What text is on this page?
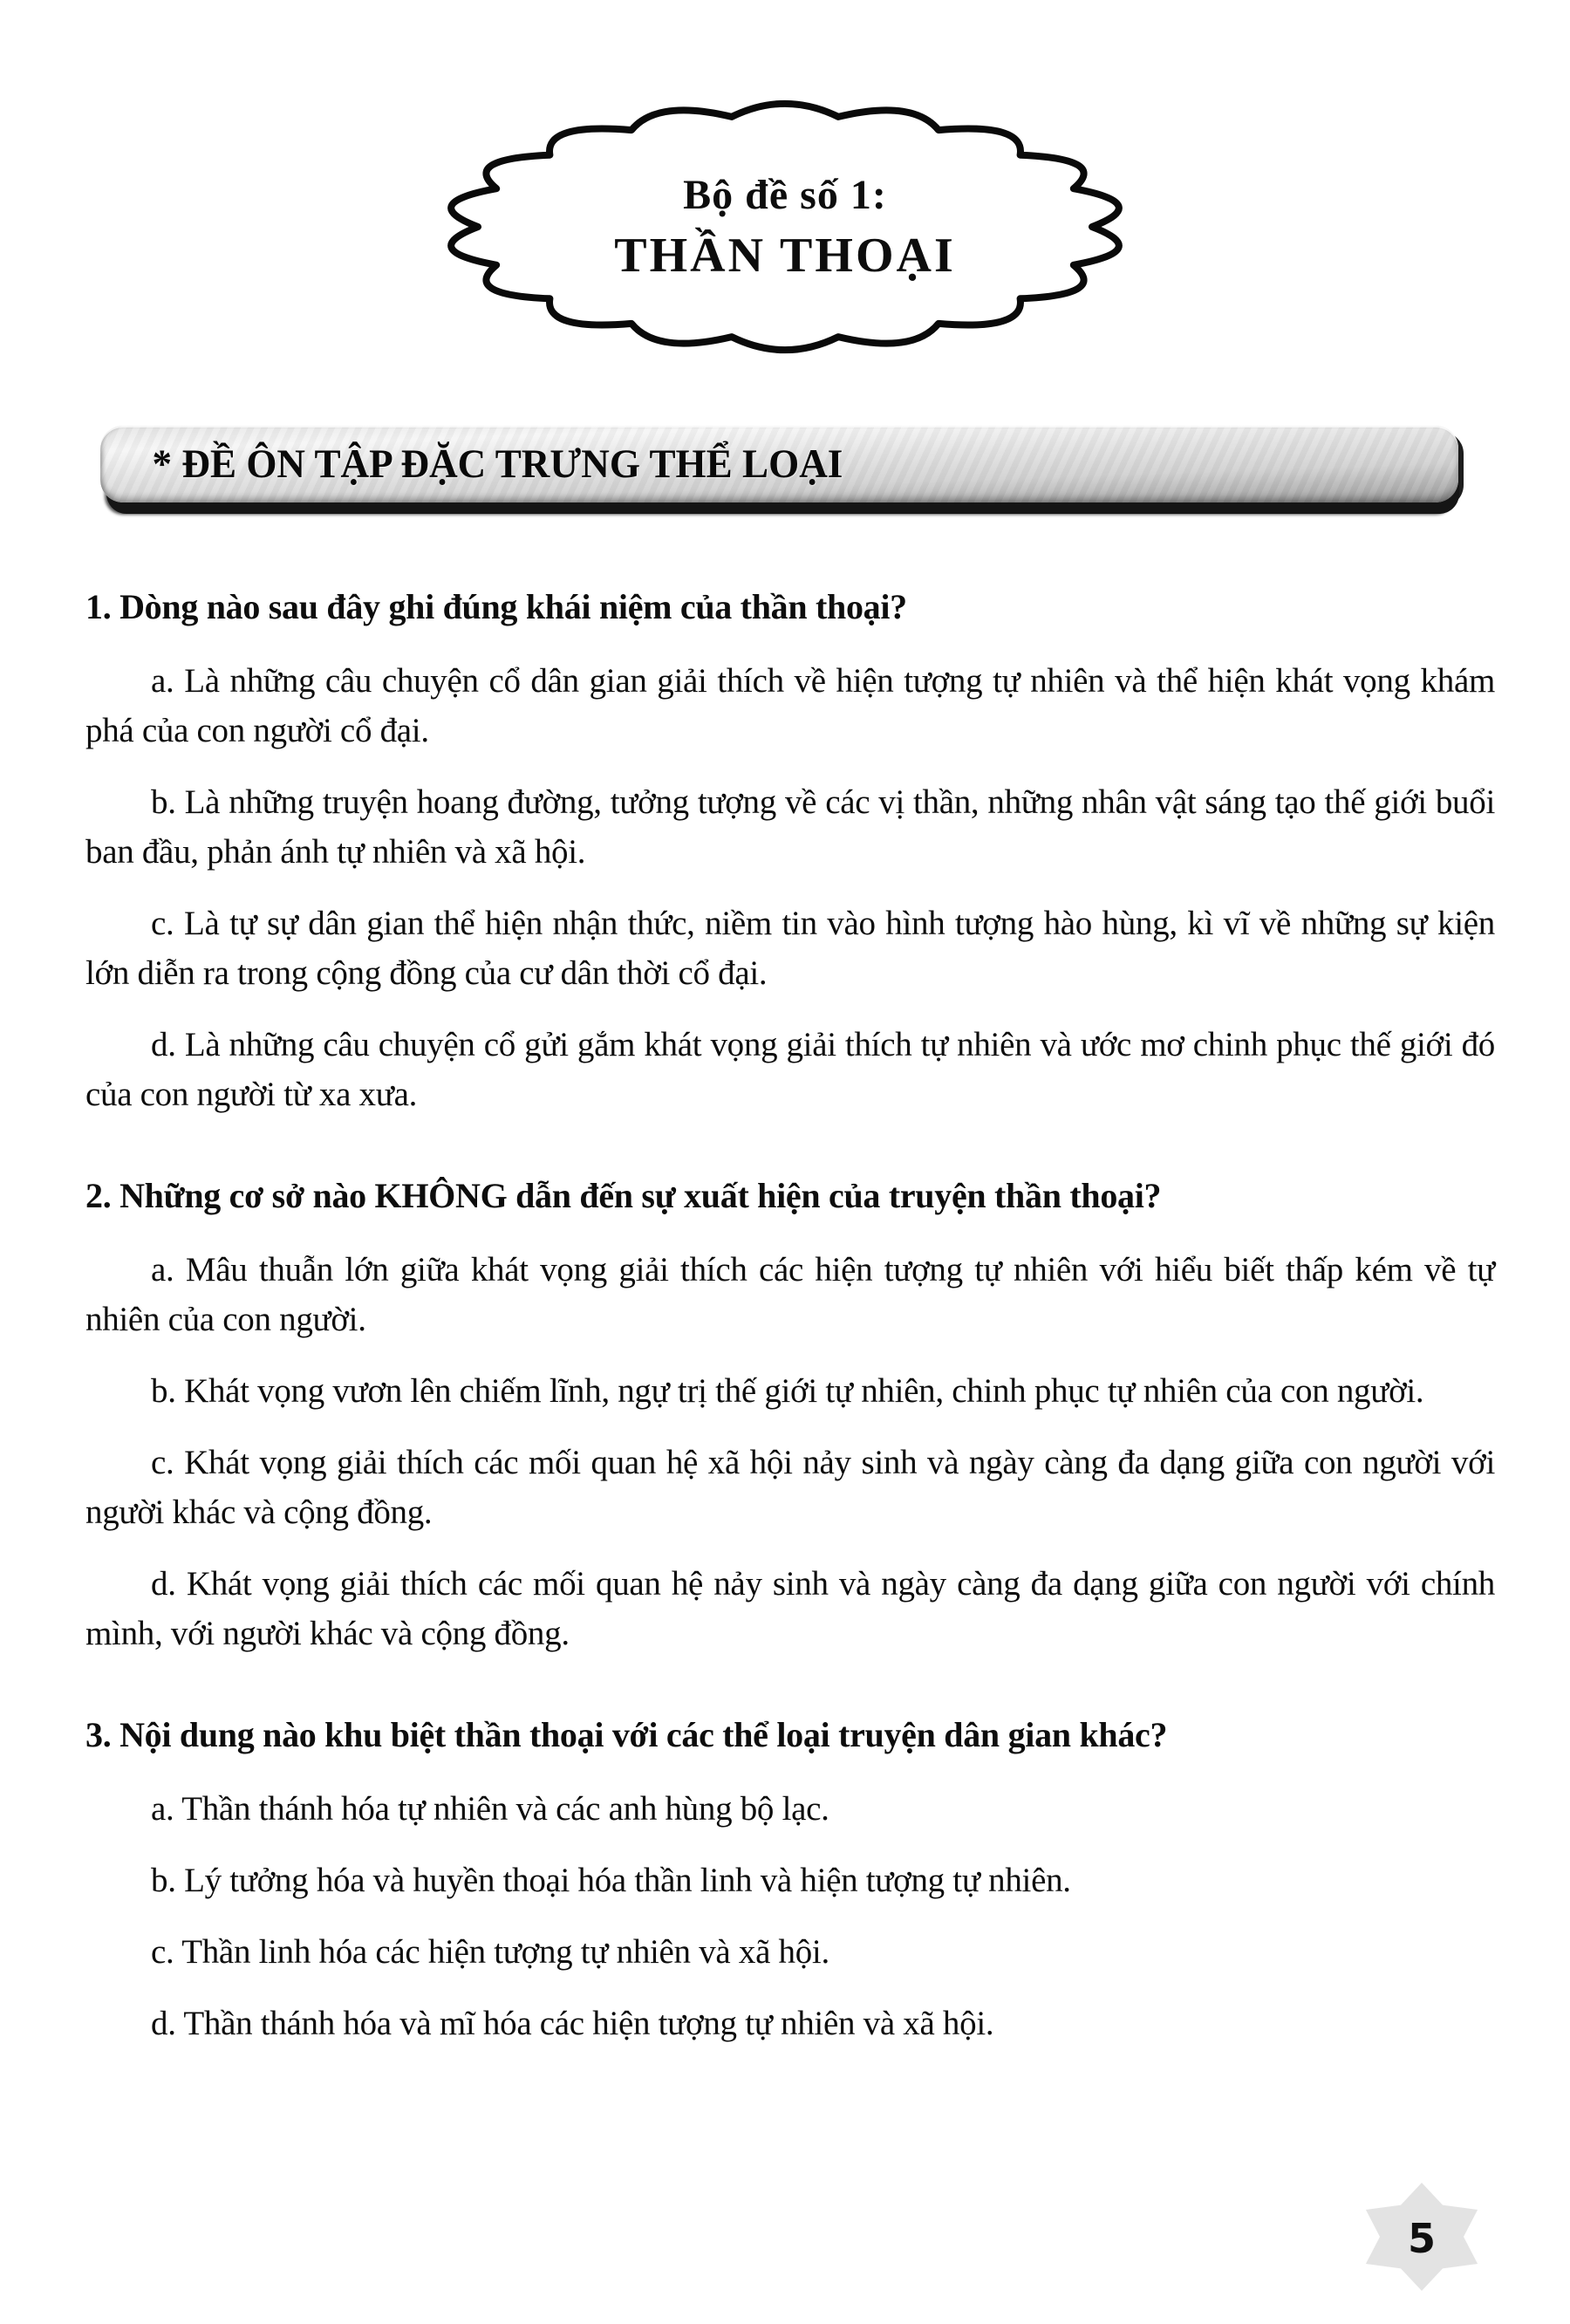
Bộ đề số 1:
THẦN THOẠI
* ĐỀ ÔN TẬP ĐẶC TRƯNG THỂ LOẠI

1. Dòng nào sau đây ghi đúng khái niệm của thần thoại?

a. Là những câu chuyện cổ dân gian giải thích về hiện tượng tự nhiên và thể hiện khát vọng khám phá của con người cổ đại.

b. Là những truyện hoang đường, tưởng tượng về các vị thần, những nhân vật sáng tạo thế giới buổi ban đầu, phản ánh tự nhiên và xã hội.

c. Là tự sự dân gian thể hiện nhận thức, niềm tin vào hình tượng hào hùng, kì vĩ về những sự kiện lớn diễn ra trong cộng đồng của cư dân thời cổ đại.

d. Là những câu chuyện cổ gửi gắm khát vọng giải thích tự nhiên và ước mơ chinh phục thế giới đó của con người từ xa xưa.

2. Những cơ sở nào KHÔNG dẫn đến sự xuất hiện của truyện thần thoại?

a. Mâu thuẫn lớn giữa khát vọng giải thích các hiện tượng tự nhiên với hiểu biết thấp kém về tự nhiên của con người.

b. Khát vọng vươn lên chiếm lĩnh, ngự trị thế giới tự nhiên, chinh phục tự nhiên của con người.

c. Khát vọng giải thích các mối quan hệ xã hội nảy sinh và ngày càng đa dạng giữa con người với người khác và cộng đồng.

d. Khát vọng giải thích các mối quan hệ nảy sinh và ngày càng đa dạng giữa con người với chính mình, với người khác và cộng đồng.

3. Nội dung nào khu biệt thần thoại với các thể loại truyện dân gian khác?

a. Thần thánh hóa tự nhiên và các anh hùng bộ lạc.

b. Lý tưởng hóa và huyền thoại hóa thần linh và hiện tượng tự nhiên.

c. Thần linh hóa các hiện tượng tự nhiên và xã hội.

d. Thần thánh hóa và mĩ hóa các hiện tượng tự nhiên và xã hội.

5
